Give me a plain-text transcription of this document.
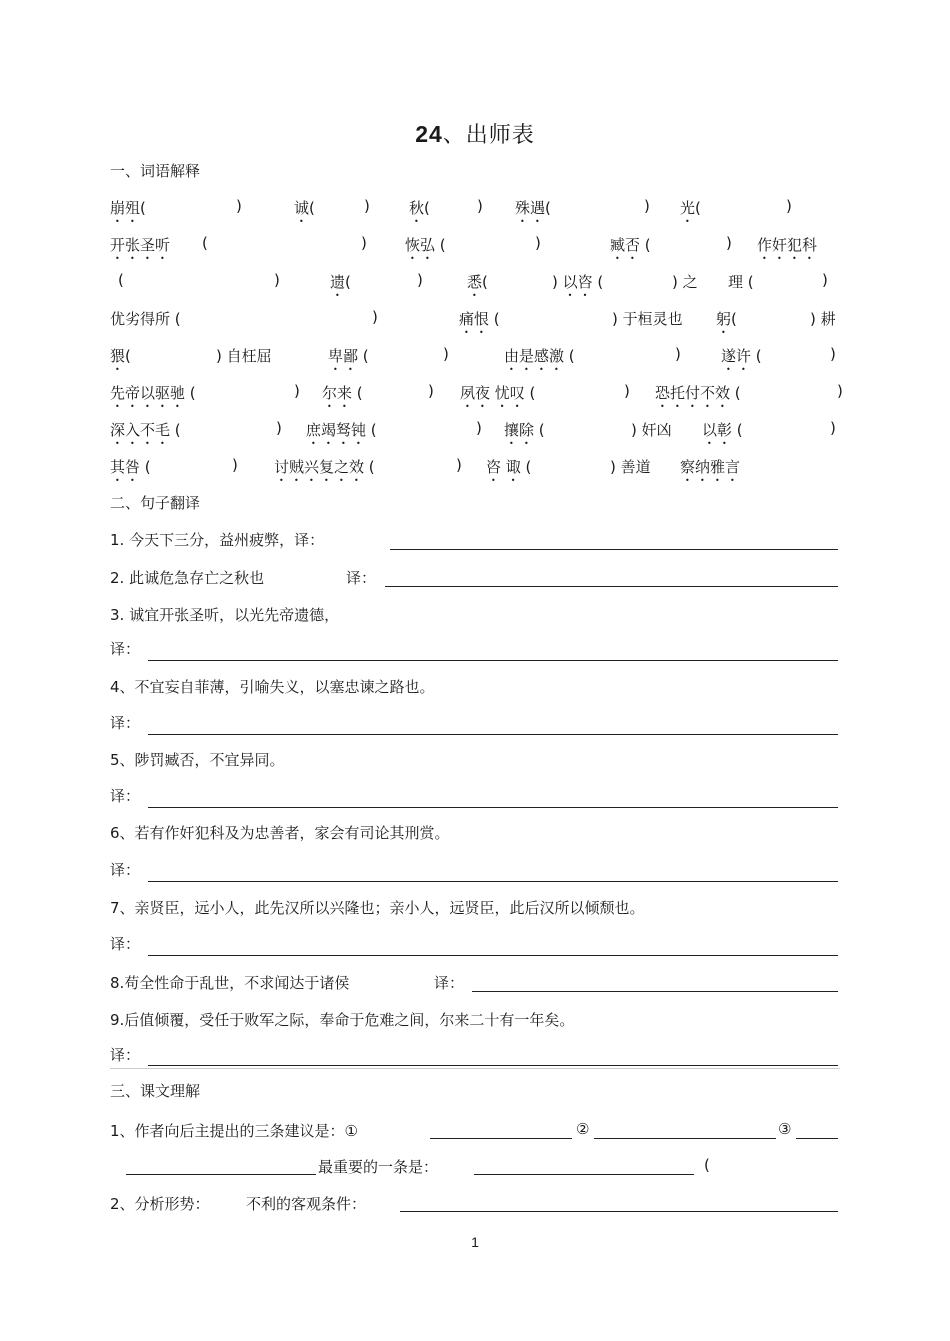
24、出师表
一、词语解释
崩殂(	)	诚(	)	秋(	) 殊遇(	) 光(	)
开张圣听 (	)	恢弘 (	)	臧否 (	) 作奸犯科
(	)	遗(	)	悉(	) 以咨 (	) 之 理 (	)
优劣得所 (	)	痛恨 (	) 于桓灵也 躬(	) 耕
猥(	) 自枉屈	卑鄙 (	)	由是感激 (	)	遂许 (	)
先帝以驱驰 (	) 尔来 (	) 夙夜 忧叹 (	) 恐托付不效 (	)
深入不毛 (	) 庶竭驽钝 (	) 攘除 (	) 奸凶 以彰 (	)
其咎 (	) 讨贼兴复之效 (	) 咨 诹 (	) 善道 察纳雅言
二、句子翻译
1. 今天下三分，益州疲弊，译：
2. 此诚危急存亡之秋也	译：
3. 诚宜开张圣听，以光先帝遗德，
译：
4、不宜妄自菲薄，引喻失义，以塞忠谏之路也。
译：
5、陟罚臧否，不宜异同。
译：
6、若有作奸犯科及为忠善者，家会有司论其刑赏。
译：
7、亲贤臣，远小人，此先汉所以兴隆也；亲小人，远贤臣，此后汉所以倾颓也。
译：
8.苟全性命于乱世，不求闻达于诸侯	译：
9.后值倾覆，受任于败军之际，奉命于危难之间，尔来二十有一年矣。
译：
三、课文理解
1、作者向后主提出的三条建议是：①	②	③
最重要的一条是：	(
2、分析形势： 不利的客观条件：
1
